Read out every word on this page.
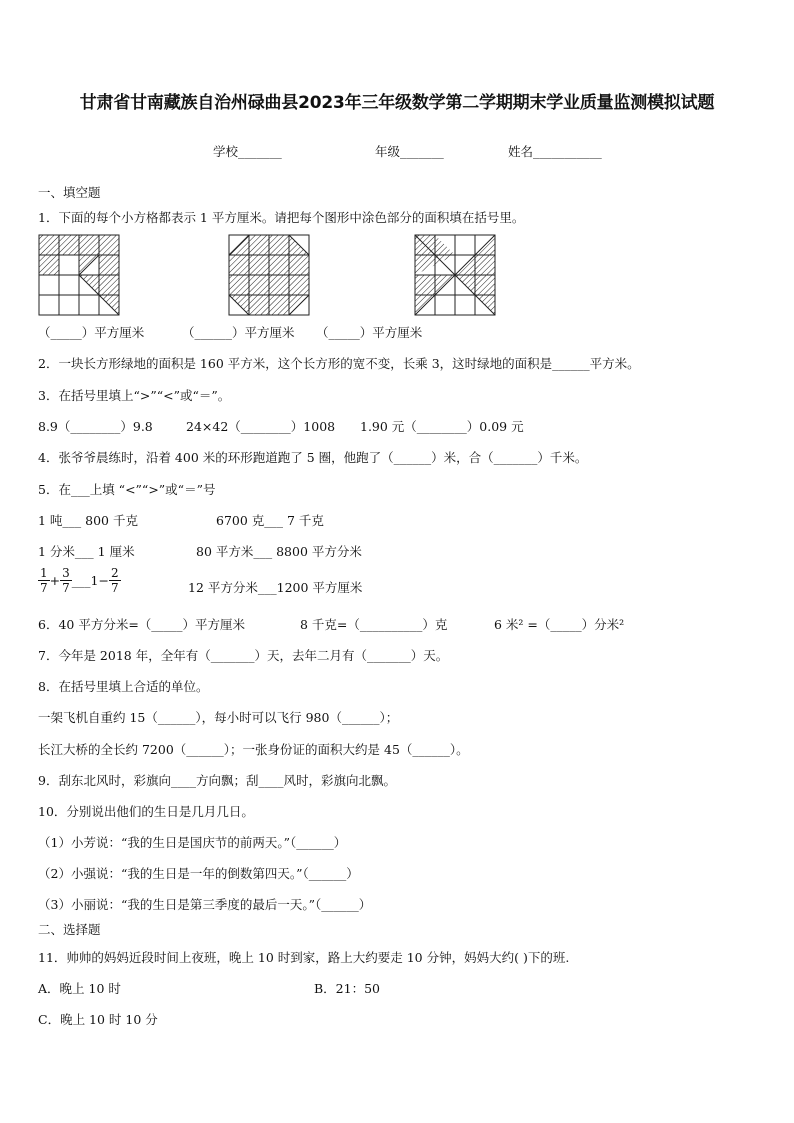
甘肃省甘南藏族自治州碌曲县2023年三年级数学第二学期期末学业质量监测模拟试题
学校_______	年级_______	姓名___________
一、填空题
1．下面的每个小方格都表示 1 平方厘米。请把每个图形中涂色部分的面积填在括号里。
（_____）平方厘米	（______）平方厘米 （_____）平方厘米
2．一块长方形绿地的面积是 160 平方米，这个长方形的宽不变，长乘 3，这时绿地的面积是______平方米。
3．在括号里填上“>”“<”或“＝”。
8.9（________）9.8	24×42（________）1008 1.90 元（________）0.09 元
4．张爷爷晨练时，沿着 400 米的环形跑道跑了 5 圈，他跑了（______）米，合（_______）千米。
5．在___上填 “<”“>”或“＝”号
1 吨___ 800 千克	6700 克___ 7 千克
1 分米___ 1 厘米	80 平方米___ 8800 平方分米
$\frac{1}{7} + \frac{3}{7}$ ___1− $\frac{2}{7}$	12 平方分米___1200 平方厘米
6．40 平方分米=（_____）平方厘米	8 千克=（__________）克	6 米² =（_____）分米²
7．今年是 2018 年，全年有（_______）天，去年二月有（_______）天。
8．在括号里填上合适的单位。
一架飞机自重约 15（______），每小时可以飞行 980（______）；
长江大桥的全长约 7200（______）；一张身份证的面积大约是 45（______）。
9．刮东北风时，彩旗向____方向飘；刮____风时，彩旗向北飘。
10．分别说出他们的生日是几月几日。
（1）小芳说：“我的生日是国庆节的前两天。”（______）
（2）小强说：“我的生日是一年的倒数第四天。”（______）
（3）小丽说：“我的生日是第三季度的最后一天。”（______）
二、选择题
11．帅帅的妈妈近段时间上夜班，晚上 10 时到家，路上大约要走 10 分钟，妈妈大约( )下的班.
A．晚上 10 时	B．21：50
C．晚上 10 时 10 分
